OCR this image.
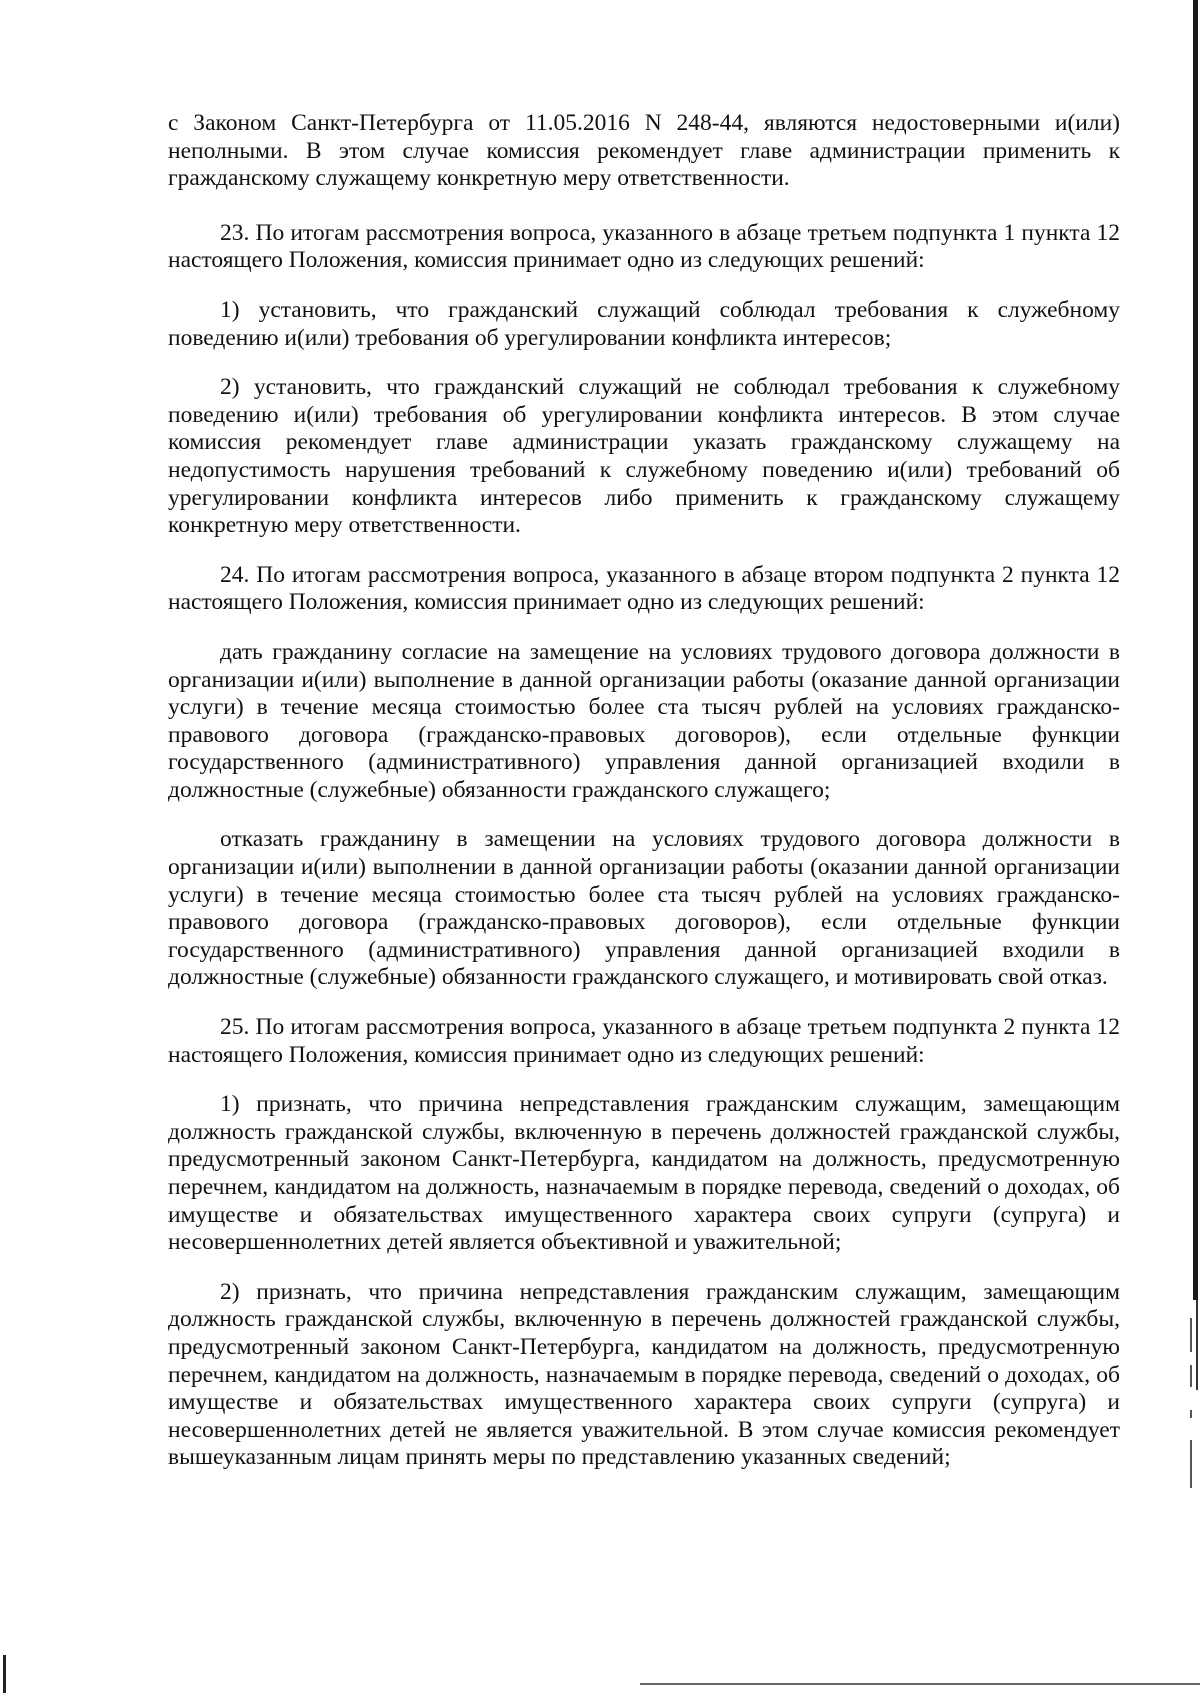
с Законом Санкт-Петербурга от 11.05.2016 N 248-44, являются недостоверными и(или) неполными. В этом случае комиссия рекомендует главе администрации применить к гражданскому служащему конкретную меру ответственности.

23. По итогам рассмотрения вопроса, указанного в абзаце третьем подпункта 1 пункта 12 настоящего Положения, комиссия принимает одно из следующих решений:

1) установить, что гражданский служащий соблюдал требования к служебному поведению и(или) требования об урегулировании конфликта интересов;

2) установить, что гражданский служащий не соблюдал требования к служебному поведению и(или) требования об урегулировании конфликта интересов. В этом случае комиссия рекомендует главе администрации указать гражданскому служащему на недопустимость нарушения требований к служебному поведению и(или) требований об урегулировании конфликта интересов либо применить к гражданскому служащему конкретную меру ответственности.

24. По итогам рассмотрения вопроса, указанного в абзаце втором подпункта 2 пункта 12 настоящего Положения, комиссия принимает одно из следующих решений:

дать гражданину согласие на замещение на условиях трудового договора должности в организации и(или) выполнение в данной организации работы (оказание данной организации услуги) в течение месяца стоимостью более ста тысяч рублей на условиях гражданско-правового договора (гражданско-правовых договоров), если отдельные функции государственного (административного) управления данной организацией входили в должностные (служебные) обязанности гражданского служащего;

отказать гражданину в замещении на условиях трудового договора должности в организации и(или) выполнении в данной организации работы (оказании данной организации услуги) в течение месяца стоимостью более ста тысяч рублей на условиях гражданско-правового договора (гражданско-правовых договоров), если отдельные функции государственного (административного) управления данной организацией входили в должностные (служебные) обязанности гражданского служащего, и мотивировать свой отказ.

25. По итогам рассмотрения вопроса, указанного в абзаце третьем подпункта 2 пункта 12 настоящего Положения, комиссия принимает одно из следующих решений:

1) признать, что причина непредставления гражданским служащим, замещающим должность гражданской службы, включенную в перечень должностей гражданской службы, предусмотренный законом Санкт-Петербурга, кандидатом на должность, предусмотренную перечнем, кандидатом на должность, назначаемым в порядке перевода, сведений о доходах, об имуществе и обязательствах имущественного характера своих супруги (супруга) и несовершеннолетних детей является объективной и уважительной;

2) признать, что причина непредставления гражданским служащим, замещающим должность гражданской службы, включенную в перечень должностей гражданской службы, предусмотренный законом Санкт-Петербурга, кандидатом на должность, предусмотренную перечнем, кандидатом на должность, назначаемым в порядке перевода, сведений о доходах, об имуществе и обязательствах имущественного характера своих супруги (супруга) и несовершеннолетних детей не является уважительной. В этом случае комиссия рекомендует вышеуказанным лицам принять меры по представлению указанных сведений;
